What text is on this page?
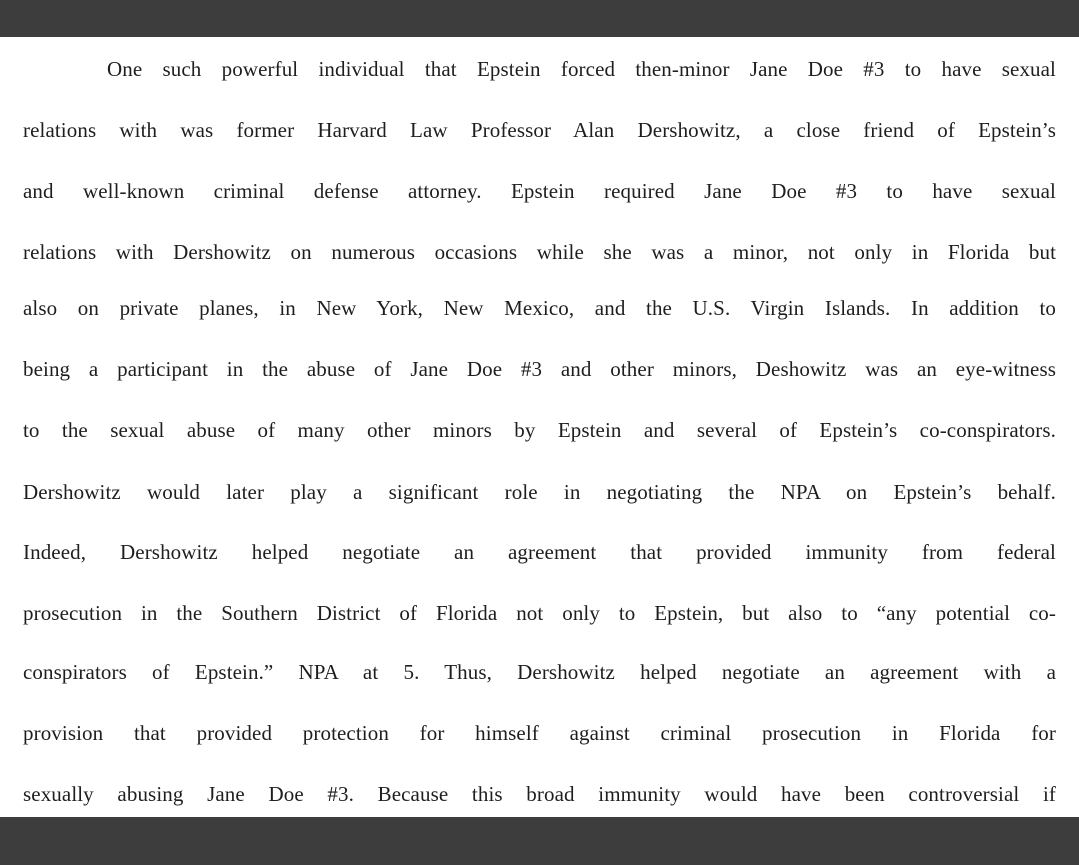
One such powerful individual that Epstein forced then-minor Jane Doe #3 to have sexual
relations with was former Harvard Law Professor Alan Dershowitz, a close friend of Epstein’s
and well-known criminal defense attorney. Epstein required Jane Doe #3 to have sexual
relations with Dershowitz on numerous occasions while she was a minor, not only in Florida but
also on private planes, in New York, New Mexico, and the U.S. Virgin Islands. In addition to
being a participant in the abuse of Jane Doe #3 and other minors, Deshowitz was an eye-witness
to the sexual abuse of many other minors by Epstein and several of Epstein’s co-conspirators.
Dershowitz would later play a significant role in negotiating the NPA on Epstein’s behalf.
Indeed, Dershowitz helped negotiate an agreement that provided immunity from federal
prosecution in the Southern District of Florida not only to Epstein, but also to “any potential co-
conspirators of Epstein.” NPA at 5. Thus, Dershowitz helped negotiate an agreement with a
provision that provided protection for himself against criminal prosecution in Florida for
sexually abusing Jane Doe #3. Because this broad immunity would have been controversial if
